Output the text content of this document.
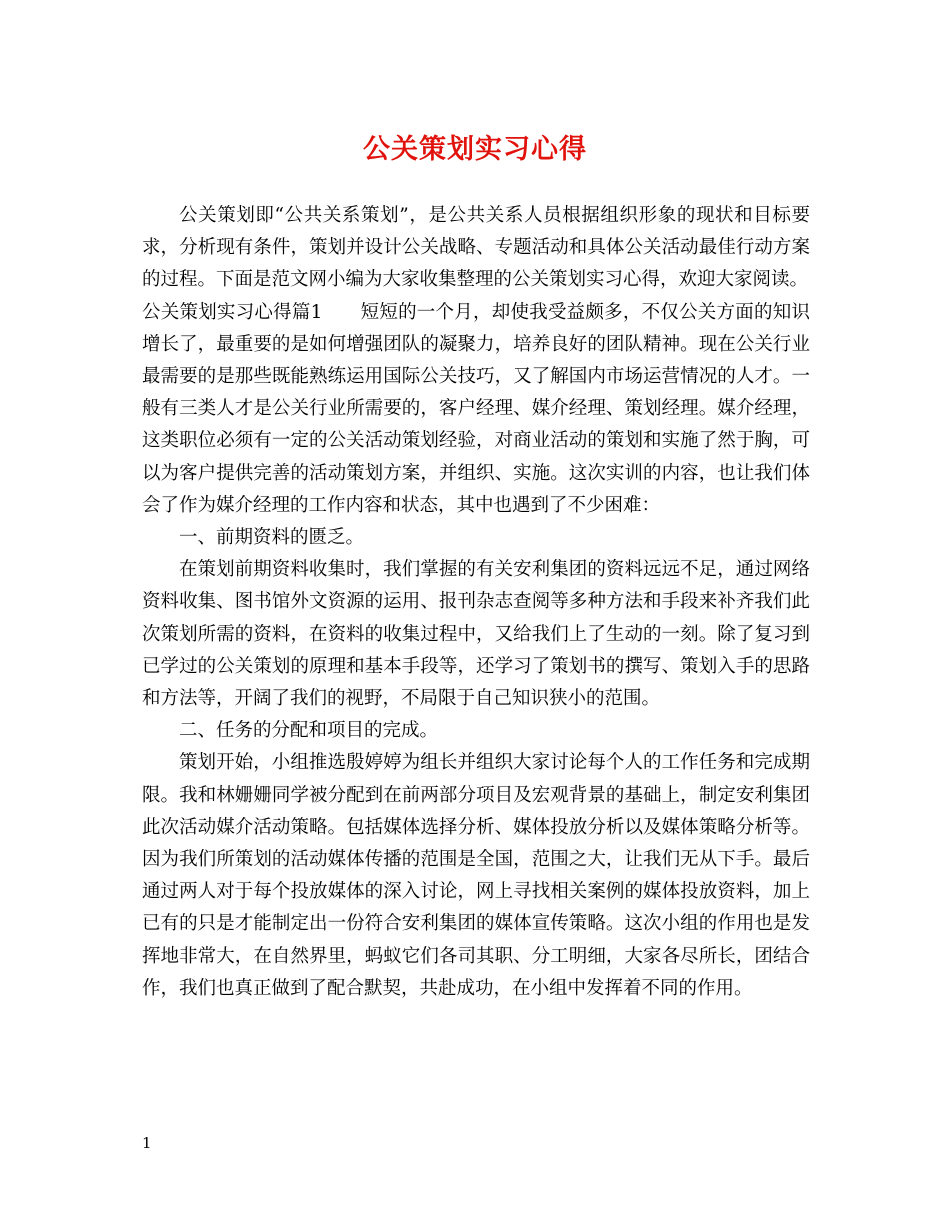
公关策划实习心得

公关策划即“公共关系策划”，是公共关系人员根据组织形象的现状和目标要求，分析现有条件，策划并设计公关战略、专题活动和具体公关活动最佳行动方案的过程。下面是范文网小编为大家收集整理的公关策划实习心得，欢迎大家阅读。

公关策划实习心得篇1 短短的一个月，却使我受益颇多，不仅公关方面的知识增长了，最重要的是如何增强团队的凝聚力，培养良好的团队精神。现在公关行业最需要的是那些既能熟练运用国际公关技巧，又了解国内市场运营情况的人才。一般有三类人才是公关行业所需要的，客户经理、媒介经理、策划经理。媒介经理，这类职位必须有一定的公关活动策划经验，对商业活动的策划和实施了然于胸，可以为客户提供完善的活动策划方案，并组织、实施。这次实训的内容，也让我们体会了作为媒介经理的工作内容和状态，其中也遇到了不少困难：

一、前期资料的匮乏。

在策划前期资料收集时，我们掌握的有关安利集团的资料远远不足，通过网络资料收集、图书馆外文资源的运用、报刊杂志查阅等多种方法和手段来补齐我们此次策划所需的资料，在资料的收集过程中，又给我们上了生动的一刻。除了复习到已学过的公关策划的原理和基本手段等，还学习了策划书的撰写、策划入手的思路和方法等，开阔了我们的视野，不局限于自己知识狭小的范围。

二、任务的分配和项目的完成。

策划开始，小组推选殷婷婷为组长并组织大家讨论每个人的工作任务和完成期限。我和林姗姗同学被分配到在前两部分项目及宏观背景的基础上，制定安利集团此次活动媒介活动策略。包括媒体选择分析、媒体投放分析以及媒体策略分析等。因为我们所策划的活动媒体传播的范围是全国，范围之大，让我们无从下手。最后通过两人对于每个投放媒体的深入讨论，网上寻找相关案例的媒体投放资料，加上已有的只是才能制定出一份符合安利集团的媒体宣传策略。这次小组的作用也是发挥地非常大，在自然界里，蚂蚁它们各司其职、分工明细，大家各尽所长，团结合作，我们也真正做到了配合默契，共赴成功，在小组中发挥着不同的作用。

1
